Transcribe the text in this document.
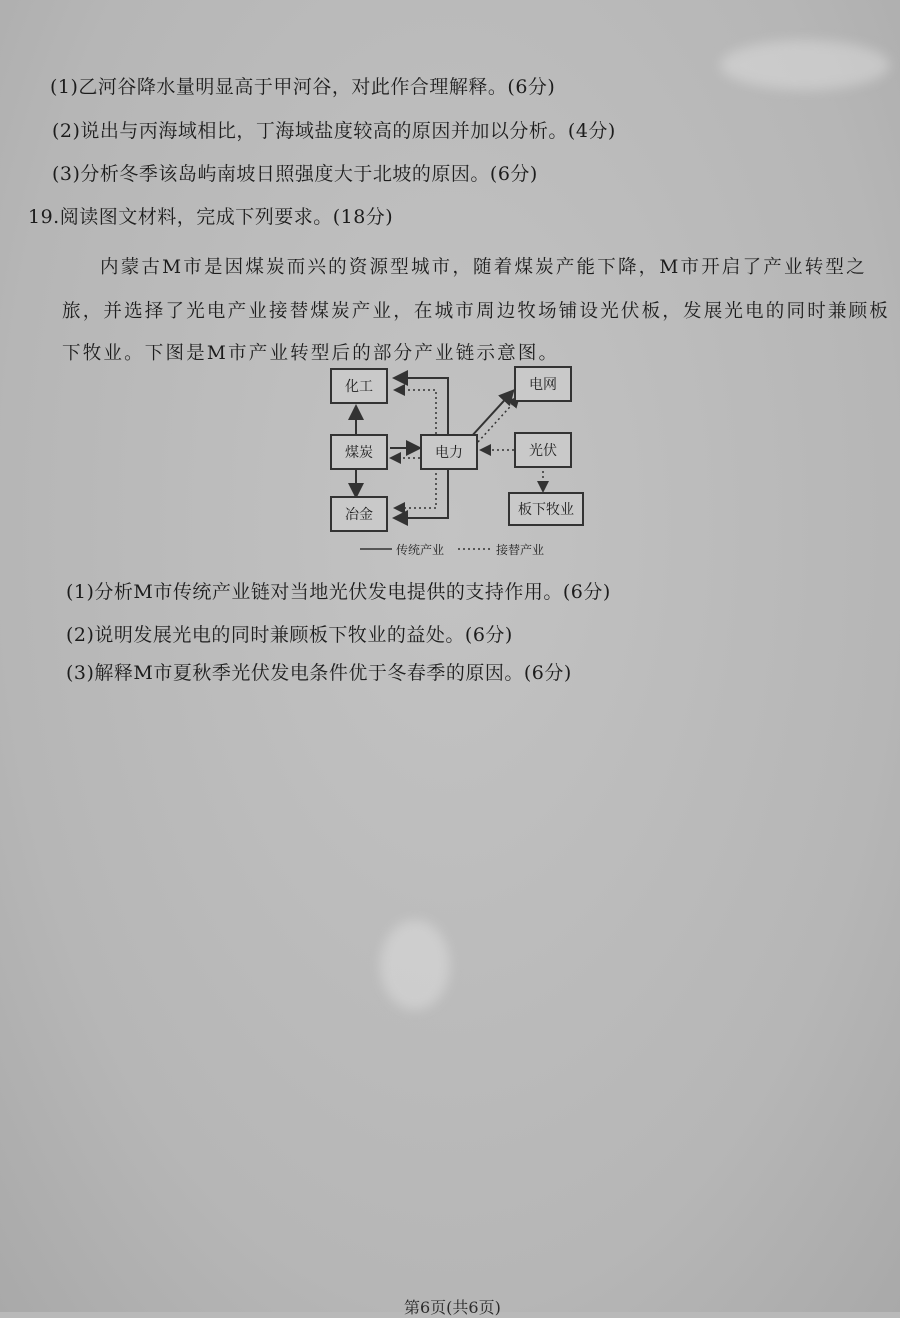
(1)乙河谷降水量明显高于甲河谷，对此作合理解释。(6分)
(2)说出与丙海域相比，丁海域盐度较高的原因并加以分析。(4分)
(3)分析冬季该岛屿南坡日照强度大于北坡的原因。(6分)
19.阅读图文材料，完成下列要求。(18分)
内蒙古M市是因煤炭而兴的资源型城市，随着煤炭产能下降，M市开启了产业转型之
旅，并选择了光电产业接替煤炭产业，在城市周边牧场铺设光伏板，发展光电的同时兼顾板
下牧业。下图是M市产业转型后的部分产业链示意图。
化工
煤炭
冶金
电力
电网
光伏
板下牧业
传统产业	接替产业
(1)分析M市传统产业链对当地光伏发电提供的支持作用。(6分)
(2)说明发展光电的同时兼顾板下牧业的益处。(6分)
(3)解释M市夏秋季光伏发电条件优于冬春季的原因。(6分)
第6页(共6页)
